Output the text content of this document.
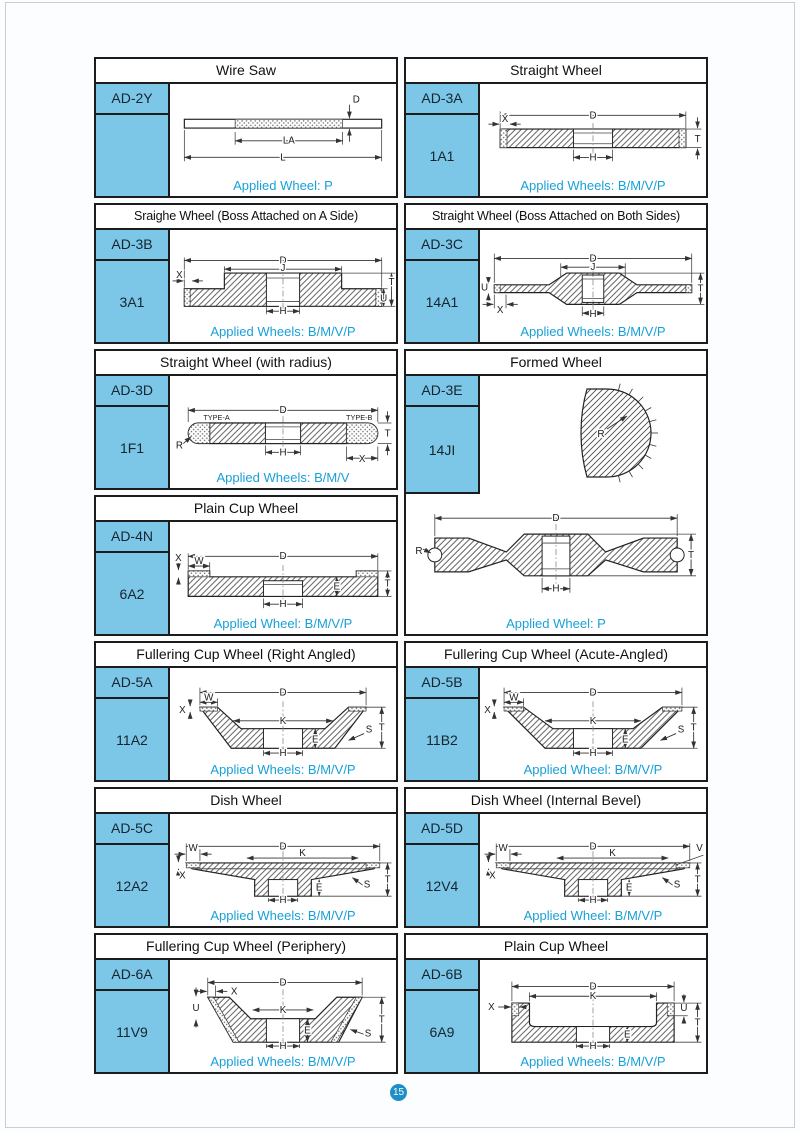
Wire Saw
AD-2Y	D
LA
L
Applied Wheel: P
Sraighe Wheel (Boss Attached on A Side)
AD-3B
3A1
D
J
X
T
U
H
Applied Wheels: B/M/V/P
Straight Wheel (with radius)
AD-3D
1F1
D
TYPE-A	TYPE-B
R
T
H
X
Applied Wheels: B/M/V
Plain Cup Wheel
AD-4N
6A2
D
W
X
E	T
H
Applied Wheel: B/M/V/P
Fullering Cup Wheel (Right Angled)
AD-5A
11A2
D
W
X
K
E
T
S
H
Applied Wheels: B/M/V/P
Dish Wheel
AD-5C
12A2
D
W
X
K
E
T
S
H
Applied Wheels: B/M/V/P
Fullering Cup Wheel (Periphery)
AD-6A
11V9
D
X
U	K
E
T
S
H
Applied Wheels: B/M/V/P
Straight Wheel
AD-3A
1A1
D
X
T
H
Applied Wheels: B/M/V/P
Straight Wheel (Boss Attached on Both Sides)
AD-3C
14A1
D
J
U
X
T
H
Applied Wheels: B/M/V/P
Formed Wheel
AD-3E
14JI
R
D
R	T
H
Applied Wheel: P
Fullering Cup Wheel (Acute-Angled)
AD-5B
11B2
D
W
X
K
E
T
S
H
Applied Wheel: B/M/V/P
Dish Wheel (Internal Bevel)
AD-5D
12V4
D
W
X
K
E
V
T
S
H
Applied Wheel: B/M/V/P
Plain Cup Wheel
AD-6B
6A9
D
K
X	U
T
E
H
Applied Wheels: B/M/V/P
15
